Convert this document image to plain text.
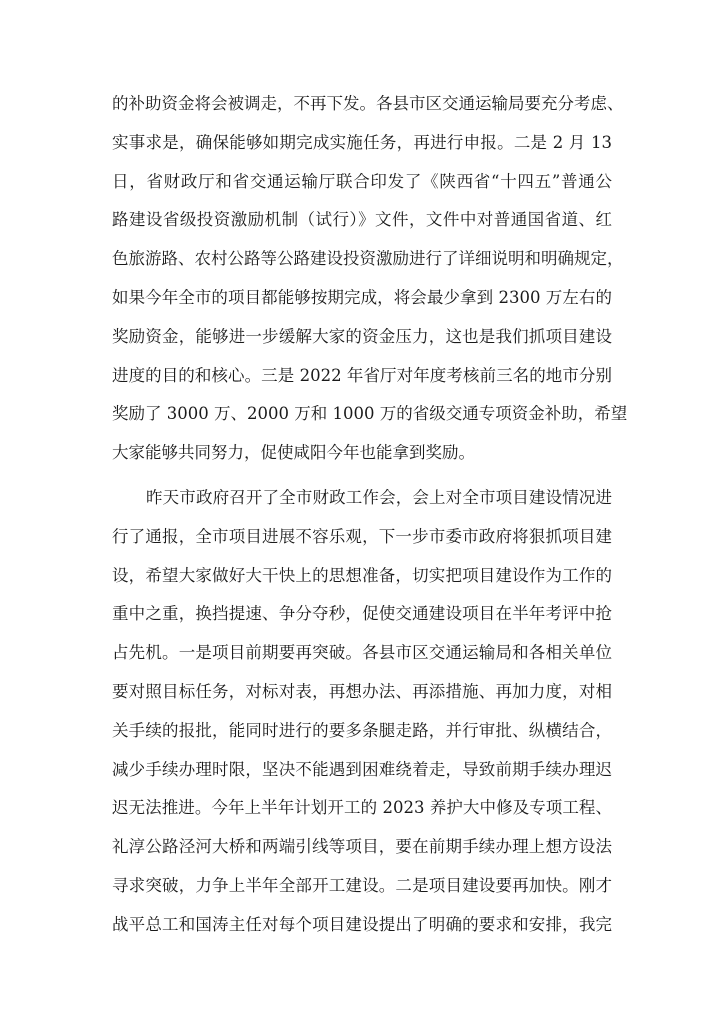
的补助资金将会被调走，不再下发。各县市区交通运输局要充分考虑、
实事求是，确保能够如期完成实施任务，再进行申报。二是 2 月 13
日，省财政厅和省交通运输厅联合印发了《陕西省“十四五”普通公
路建设省级投资激励机制（试行）》文件，文件中对普通国省道、红
色旅游路、农村公路等公路建设投资激励进行了详细说明和明确规定，
如果今年全市的项目都能够按期完成，将会最少拿到 2300 万左右的
奖励资金，能够进一步缓解大家的资金压力，这也是我们抓项目建设
进度的目的和核心。三是 2022 年省厅对年度考核前三名的地市分别
奖励了 3000 万、2000 万和 1000 万的省级交通专项资金补助，希望
大家能够共同努力，促使咸阳今年也能拿到奖励。
昨天市政府召开了全市财政工作会，会上对全市项目建设情况进
行了通报，全市项目进展不容乐观，下一步市委市政府将狠抓项目建
设，希望大家做好大干快上的思想准备，切实把项目建设作为工作的
重中之重，换挡提速、争分夺秒，促使交通建设项目在半年考评中抢
占先机。一是项目前期要再突破。各县市区交通运输局和各相关单位
要对照目标任务，对标对表，再想办法、再添措施、再加力度，对相
关手续的报批，能同时进行的要多条腿走路，并行审批、纵横结合，
减少手续办理时限，坚决不能遇到困难绕着走，导致前期手续办理迟
迟无法推进。今年上半年计划开工的 2023 养护大中修及专项工程、
礼淳公路泾河大桥和两端引线等项目，要在前期手续办理上想方设法
寻求突破，力争上半年全部开工建设。二是项目建设要再加快。刚才
战平总工和国涛主任对每个项目建设提出了明确的要求和安排，我完
